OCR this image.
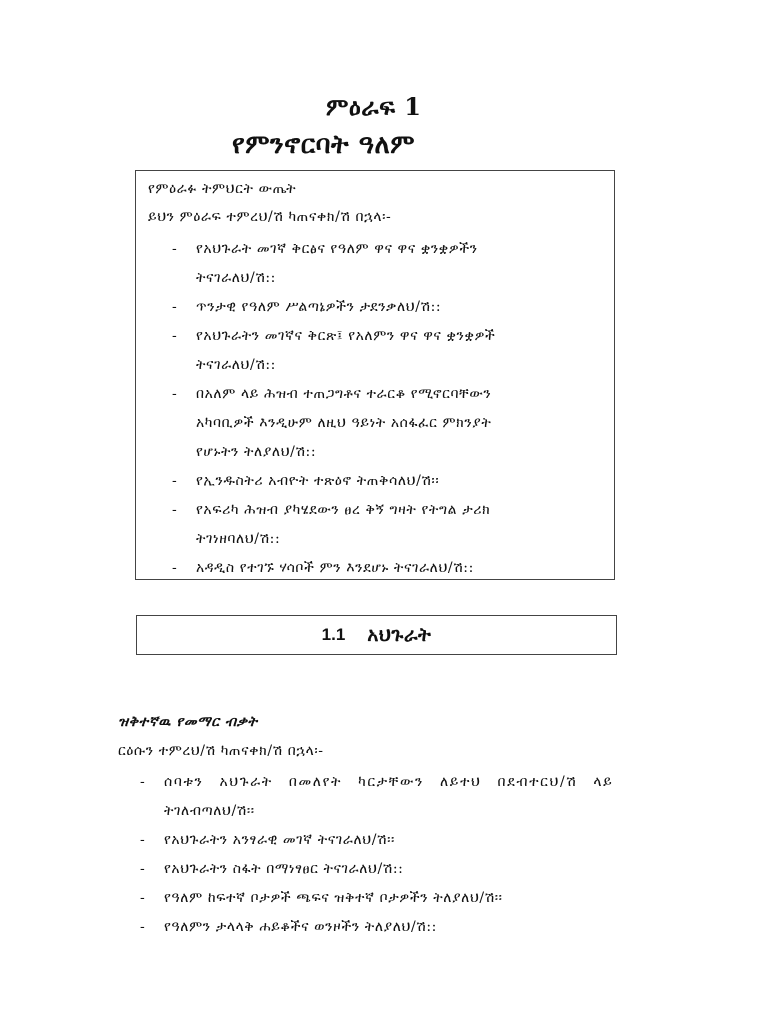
ምዕራፍ 1
የምንኖርባት ዓለም
የምዕራፉ ትምህርት ውጤት
ይህን ምዕራፍ ተምረህ/ሽ ካጠናቀክ/ሽ በኋላ፡-
- የአህጉራት መገኛ ቅርፅና የዓለም ዋና ዋና ቋንቋዎችን
ትናገራለህ/ሽ::
- ጥንታዊ የዓለም ሥልጣኔዎችን ታደንቃለህ/ሽ::
- የአህጉራትን መገኛና ቅርጽ፤ የአለምን ዋና ዋና ቋንቋዎች
ትናገራለህ/ሽ::
- በአለም ላይ ሕዝብ ተጠጋግቶና ተራርቆ የሚኖርባቸውን
አካባቢዎች እንዲሁም ለዚህ ዓይነት አሰፋፈር ምክንያት
የሆኑትን ትለያለህ/ሽ::
- የኢንዱስትሪ አብዮት ተጽዕኖ ትጠቅሳለህ/ሽ፡፡
- የአፍሪካ ሕዝብ ያካሄደውን ፀረ ቅኝ ግዛት የትግል ታሪክ
ትገነዘባለህ/ሽ::
- አዳዲስ የተገኙ ሃሳቦች ምን እንደሆኑ ትናገራለህ/ሽ::
1.1 አህጉራት
ዝቅተኛዉ የመማር ብቃት
ርዕሱን ተምረህ/ሽ ካጠናቀክ/ሽ በኋላ፡-
- ሰባቱን አህጉራት በመለየት ካርታቸውን ለይተህ በደብተርህ/ሽ ላይ
ትገለብጣለህ/ሽ፡፡
- የአህጉራትን አንፃራዊ መገኛ ትናገራለህ/ሽ፡፡
- የአህጉራትን ስፋት በማነፃፀር ትናገራለህ/ሽ::
- የዓለም ከፍተኛ ቦታዎች ጫፍና ዝቅተኛ ቦታዎችን ትለያለህ/ሽ፡፡
- የዓለምን ታላላቅ ሐይቆችና ወንዞችን ትለያለህ/ሽ::
